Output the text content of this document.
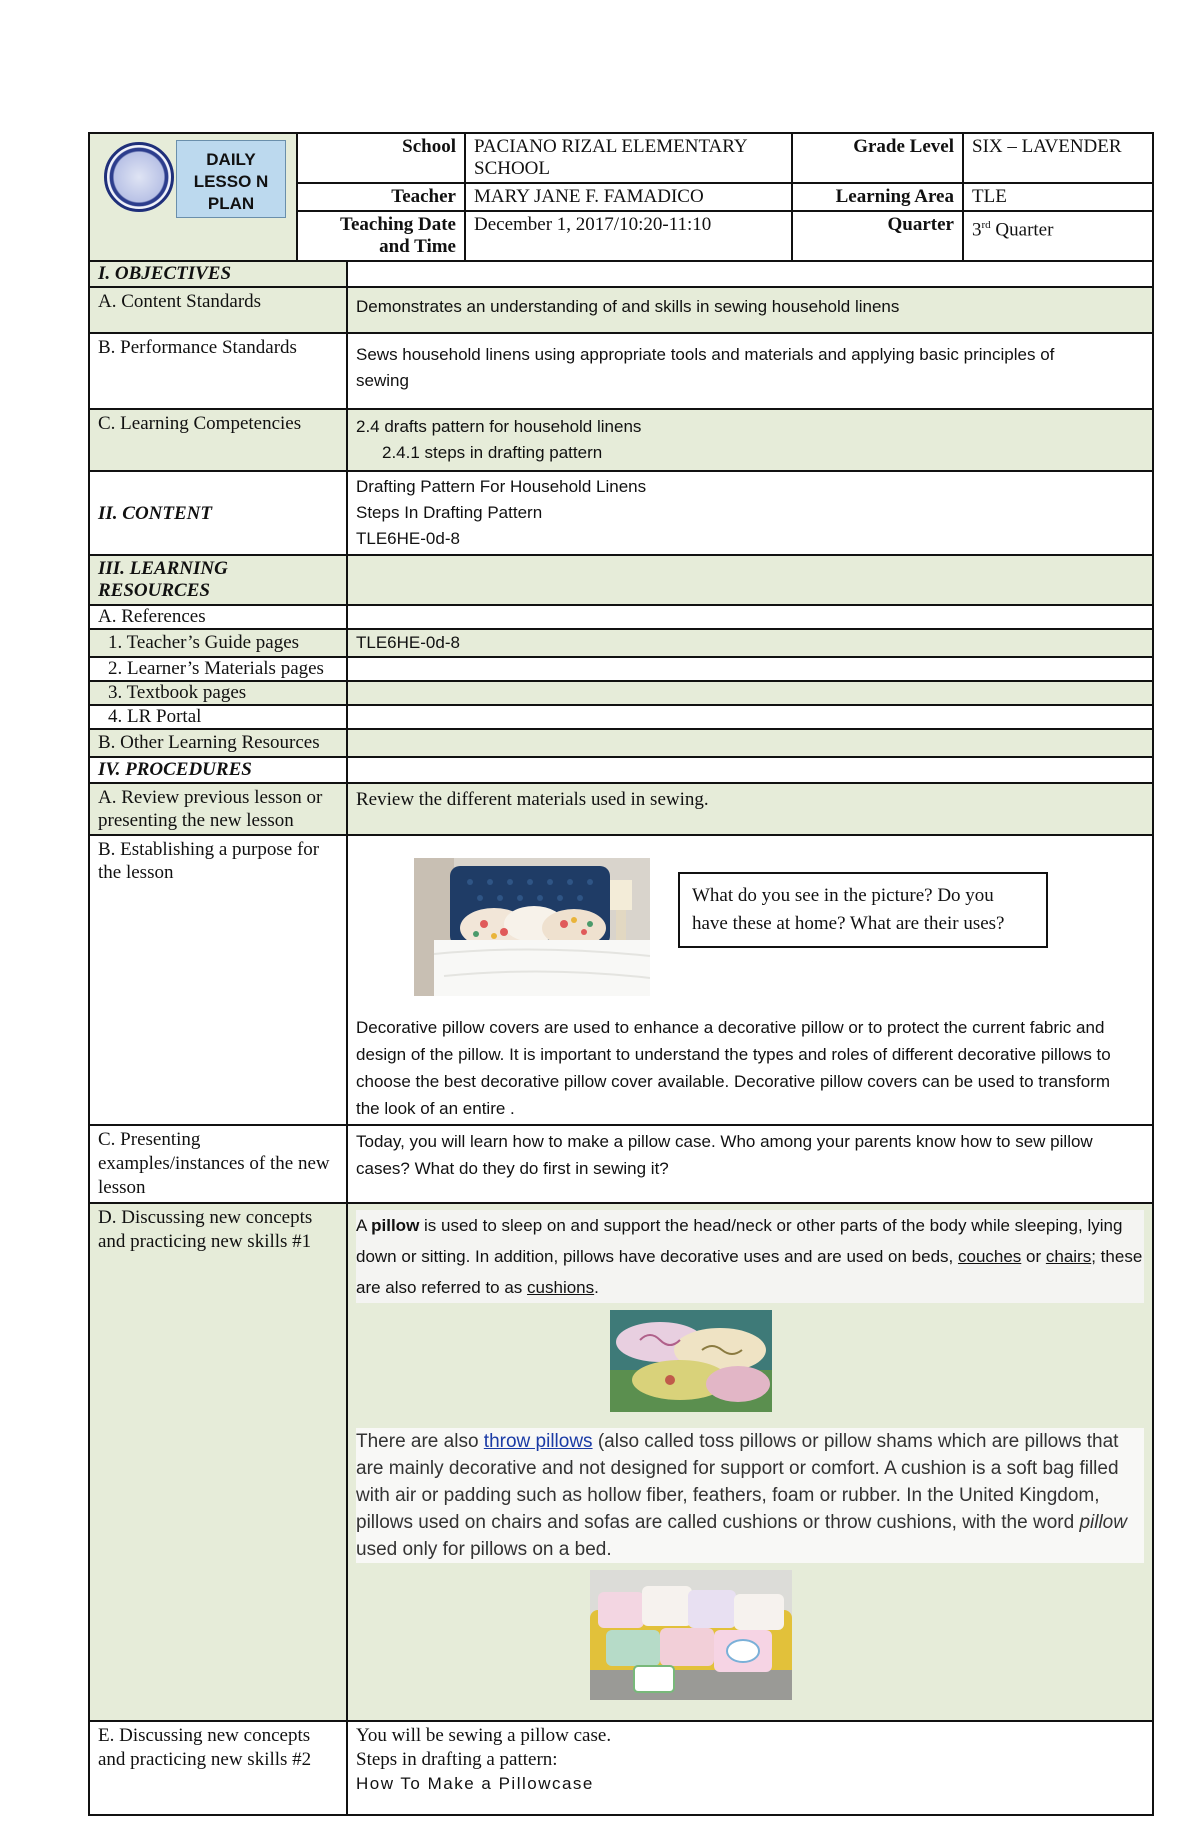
DAILY LESSO N PLAN	School	PACIANO RIZAL ELEMENTARY SCHOOL	Grade Level	SIX – LAVENDER
	Teacher	MARY JANE F. FAMADICO	Learning Area	TLE
	Teaching Date and Time	December 1, 2017/10:20-11:10	Quarter	3rd Quarter
I. OBJECTIVES	
A. Content Standards	Demonstrates an understanding of and skills in sewing household linens
B. Performance Standards	Sews household linens using appropriate tools and materials and applying basic principles of sewing
C. Learning Competencies	2.4 drafts pattern for household linens
2.4.1 steps in drafting pattern

II. CONTENT	Drafting Pattern For Household Linens
Steps In Drafting Pattern
TLE6HE-0d-8

III. LEARNING RESOURCES	
A. References	
1. Teacher’s Guide pages	TLE6HE-0d-8
2. Learner’s Materials pages	
3. Textbook pages	
4. LR Portal	
B. Other Learning Resources	
IV. PROCEDURES	
A. Review previous lesson or presenting the new lesson	Review the different materials used in sewing.
B. Establishing a purpose for the lesson	What do you see in the picture? Do you have these at home? What are their uses?
Decorative pillow covers are used to enhance a decorative pillow or to protect the current fabric and design of the pillow. It is important to understand the types and roles of different decorative pillows to choose the best decorative pillow cover available. Decorative pillow covers can be used to transform the look of an entire .

C. Presenting examples/instances of the new lesson	Today, you will learn how to make a pillow case. Who among your parents know how to sew pillow cases? What do they do first in sewing it?
D. Discussing new concepts and practicing new skills #1	A pillow is used to sleep on and support the head/neck or other parts of the body while sleeping, lying down or sitting. In addition, pillows have decorative uses and are used on beds, couches or chairs; these are also referred to as cushions.
There are also throw pillows (also called toss pillows or pillow shams which are pillows that are mainly decorative and not designed for support or comfort. A cushion is a soft bag filled with air or padding such as hollow fiber, feathers, foam or rubber. In the United Kingdom, pillows used on chairs and sofas are called cushions or throw cushions, with the word pillow used only for pillows on a bed.

E. Discussing new concepts and practicing new skills #2	You will be sewing a pillow case.
Steps in drafting a pattern:
How To Make a Pillowcase
